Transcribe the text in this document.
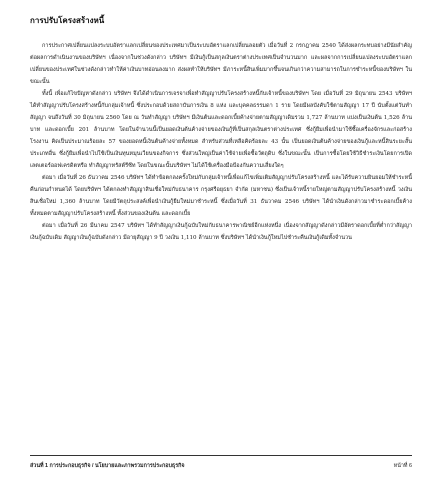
การปรับโครงสร้างหนี้

การประกาศเปลี่ยนแปลงระบบอัตราแลกเปลี่ยนของประเทศมาเป็นระบบอัตราแลกเปลี่ยนลอยตัว เมื่อวันที่ 2 กรกฎาคม 2540 ได้ส่งผลกระทบอย่างมีนัยสำคัญต่อผลการดำเนินงานของบริษัทฯ เนื่องจากในช่วงดังกล่าว บริษัทฯ มีเงินกู้เป็นสกุลเงินตราต่างประเทศเป็นจำนวนมาก และผลจากการเปลี่ยนแปลงระบบอัตราแลกเปลี่ยนของประเทศในช่วงดังกล่าวทำให้ค่าเงินบาทอ่อนลงมาก ส่งผลทำให้บริษัทฯ มีภาระหนี้สินเพิ่มมากขึ้นจนเกินกว่าความสามารถในการชำระหนี้ของบริษัทฯ ในขณะนั้น

ทั้งนี้ เพื่อแก้ไขปัญหาดังกล่าว บริษัทฯ จึงได้ดำเนินการเจรจาเพื่อทำสัญญาปรับโครงสร้างหนี้กับเจ้าหนี้ของบริษัทฯ โดย เมื่อวันที่ 29 มิถุนายน 2543 บริษัทฯ ได้ทำสัญญาปรับโครงสร้างหนี้กับกลุ่มเจ้าหนี้ ซึ่งประกอบด้วยสถาบันการเงิน 8 แห่ง และบุคคลธรรมดา 1 ราย โดยมีผลบังคับใช้ตามสัญญา 17 ปี นับตั้งแต่วันทำสัญญา จนถึงวันที่ 30 มิถุนายน 2560 โดย ณ วันทำสัญญา บริษัทฯ มีเงินต้นและดอกเบี้ยค้างจ่ายตามสัญญาเดิมรวม 1,727 ล้านบาท แบ่งเป็นเงินต้น 1,526 ล้านบาท และดอกเบี้ย 201 ล้านบาท โดยในจำนวนนี้เป็นยอดเงินต้นค้างจ่ายของเงินกู้ที่เป็นสกุลเงินตราต่างประเทศ ซึ่งกู้ยืมเพื่อนำมาใช้ซื้อเครื่องจักรและก่อสร้างโรงงาน คิดเป็นประมาณร้อยละ 57 ของยอดหนี้เงินต้นค้างจ่ายทั้งหมด สำหรับส่วนที่เหลือคิดร้อยละ 43 นั้น เป็นยอดเงินต้นค้างจ่ายของเงินกู้และหนี้สินระยะสั้นประเภทอื่น ซึ่งกู้ยืมเพื่อนำไปใช้เป็นเงินทุนหมุนเวียนของกิจการ ซึ่งส่วนใหญ่เป็นค่าใช้จ่ายเพื่อซื้อวัตถุดิบ ซึ่งในขณะนั้น เป็นการซื้อโดยใช้วิธีชำระเงินโดยการเปิดเลตเตอร์ออฟเครดิตหรือ ทำสัญญาทรัสต์รีซีท โดยในขณะนั้นบริษัทฯ ไม่ได้ใช้เครื่องมือป้องกันความเสี่ยงใดๆ

ต่อมา เมื่อวันที่ 26 ธันวาคม 2546 บริษัทฯ ได้ทำข้อตกลงครั้งใหม่กับกลุ่มเจ้าหนี้เพื่อแก้ไขเพิ่มเติมสัญญาปรับโครงสร้างหนี้ และได้รับความยินยอมให้ชำระหนี้คืนก่อนกำหนดได้ โดยบริษัทฯ ได้ตกลงทำสัญญาสินเชื่อใหม่กับธนาคาร กรุงศรีอยุธยา จำกัด (มหาชน) ซึ่งเป็นเจ้าหนี้รายใหญ่ตามสัญญาปรับโครงสร้างหนี้ วงเงินสินเชื่อใหม่ 1,360 ล้านบาท โดยมีวัตถุประสงค์เพื่อนำเงินกู้ยืมใหม่มาชำระหนี้ ซึ่งเมื่อวันที่ 31 ธันวาคม 2546 บริษัทฯ ได้นำเงินดังกล่าวมาชำระดอกเบี้ยค้างทั้งหมดตามสัญญาปรับโครงสร้างหนี้ ทั้งส่วนของเงินต้น และดอกเบี้ย

ต่อมา เมื่อวันที่ 26 มีนาคม 2547 บริษัทฯ ได้ทำสัญญาเงินกู้ฉบับใหม่กับธนาคารพาณิชย์อีกแห่งหนึ่ง เนื่องจากสัญญาดังกล่าวมีอัตราดอกเบี้ยที่ต่ำกว่าสัญญาเงินกู้ฉบับเดิม สัญญาเงินกู้ฉบับดังกล่าว มีอายุสัญญา 9 ปี วงเงิน 1,110 ล้านบาท ซึ่งบริษัทฯ ได้นำเงินกู้ใหม่ไปชำระคืนเงินกู้เดิมทั้งจำนวน

ส่วนที่ 1 การประกอบธุรกิจ / นโยบายและภาพรวมการประกอบธุรกิจ	หน้าที่ 6
